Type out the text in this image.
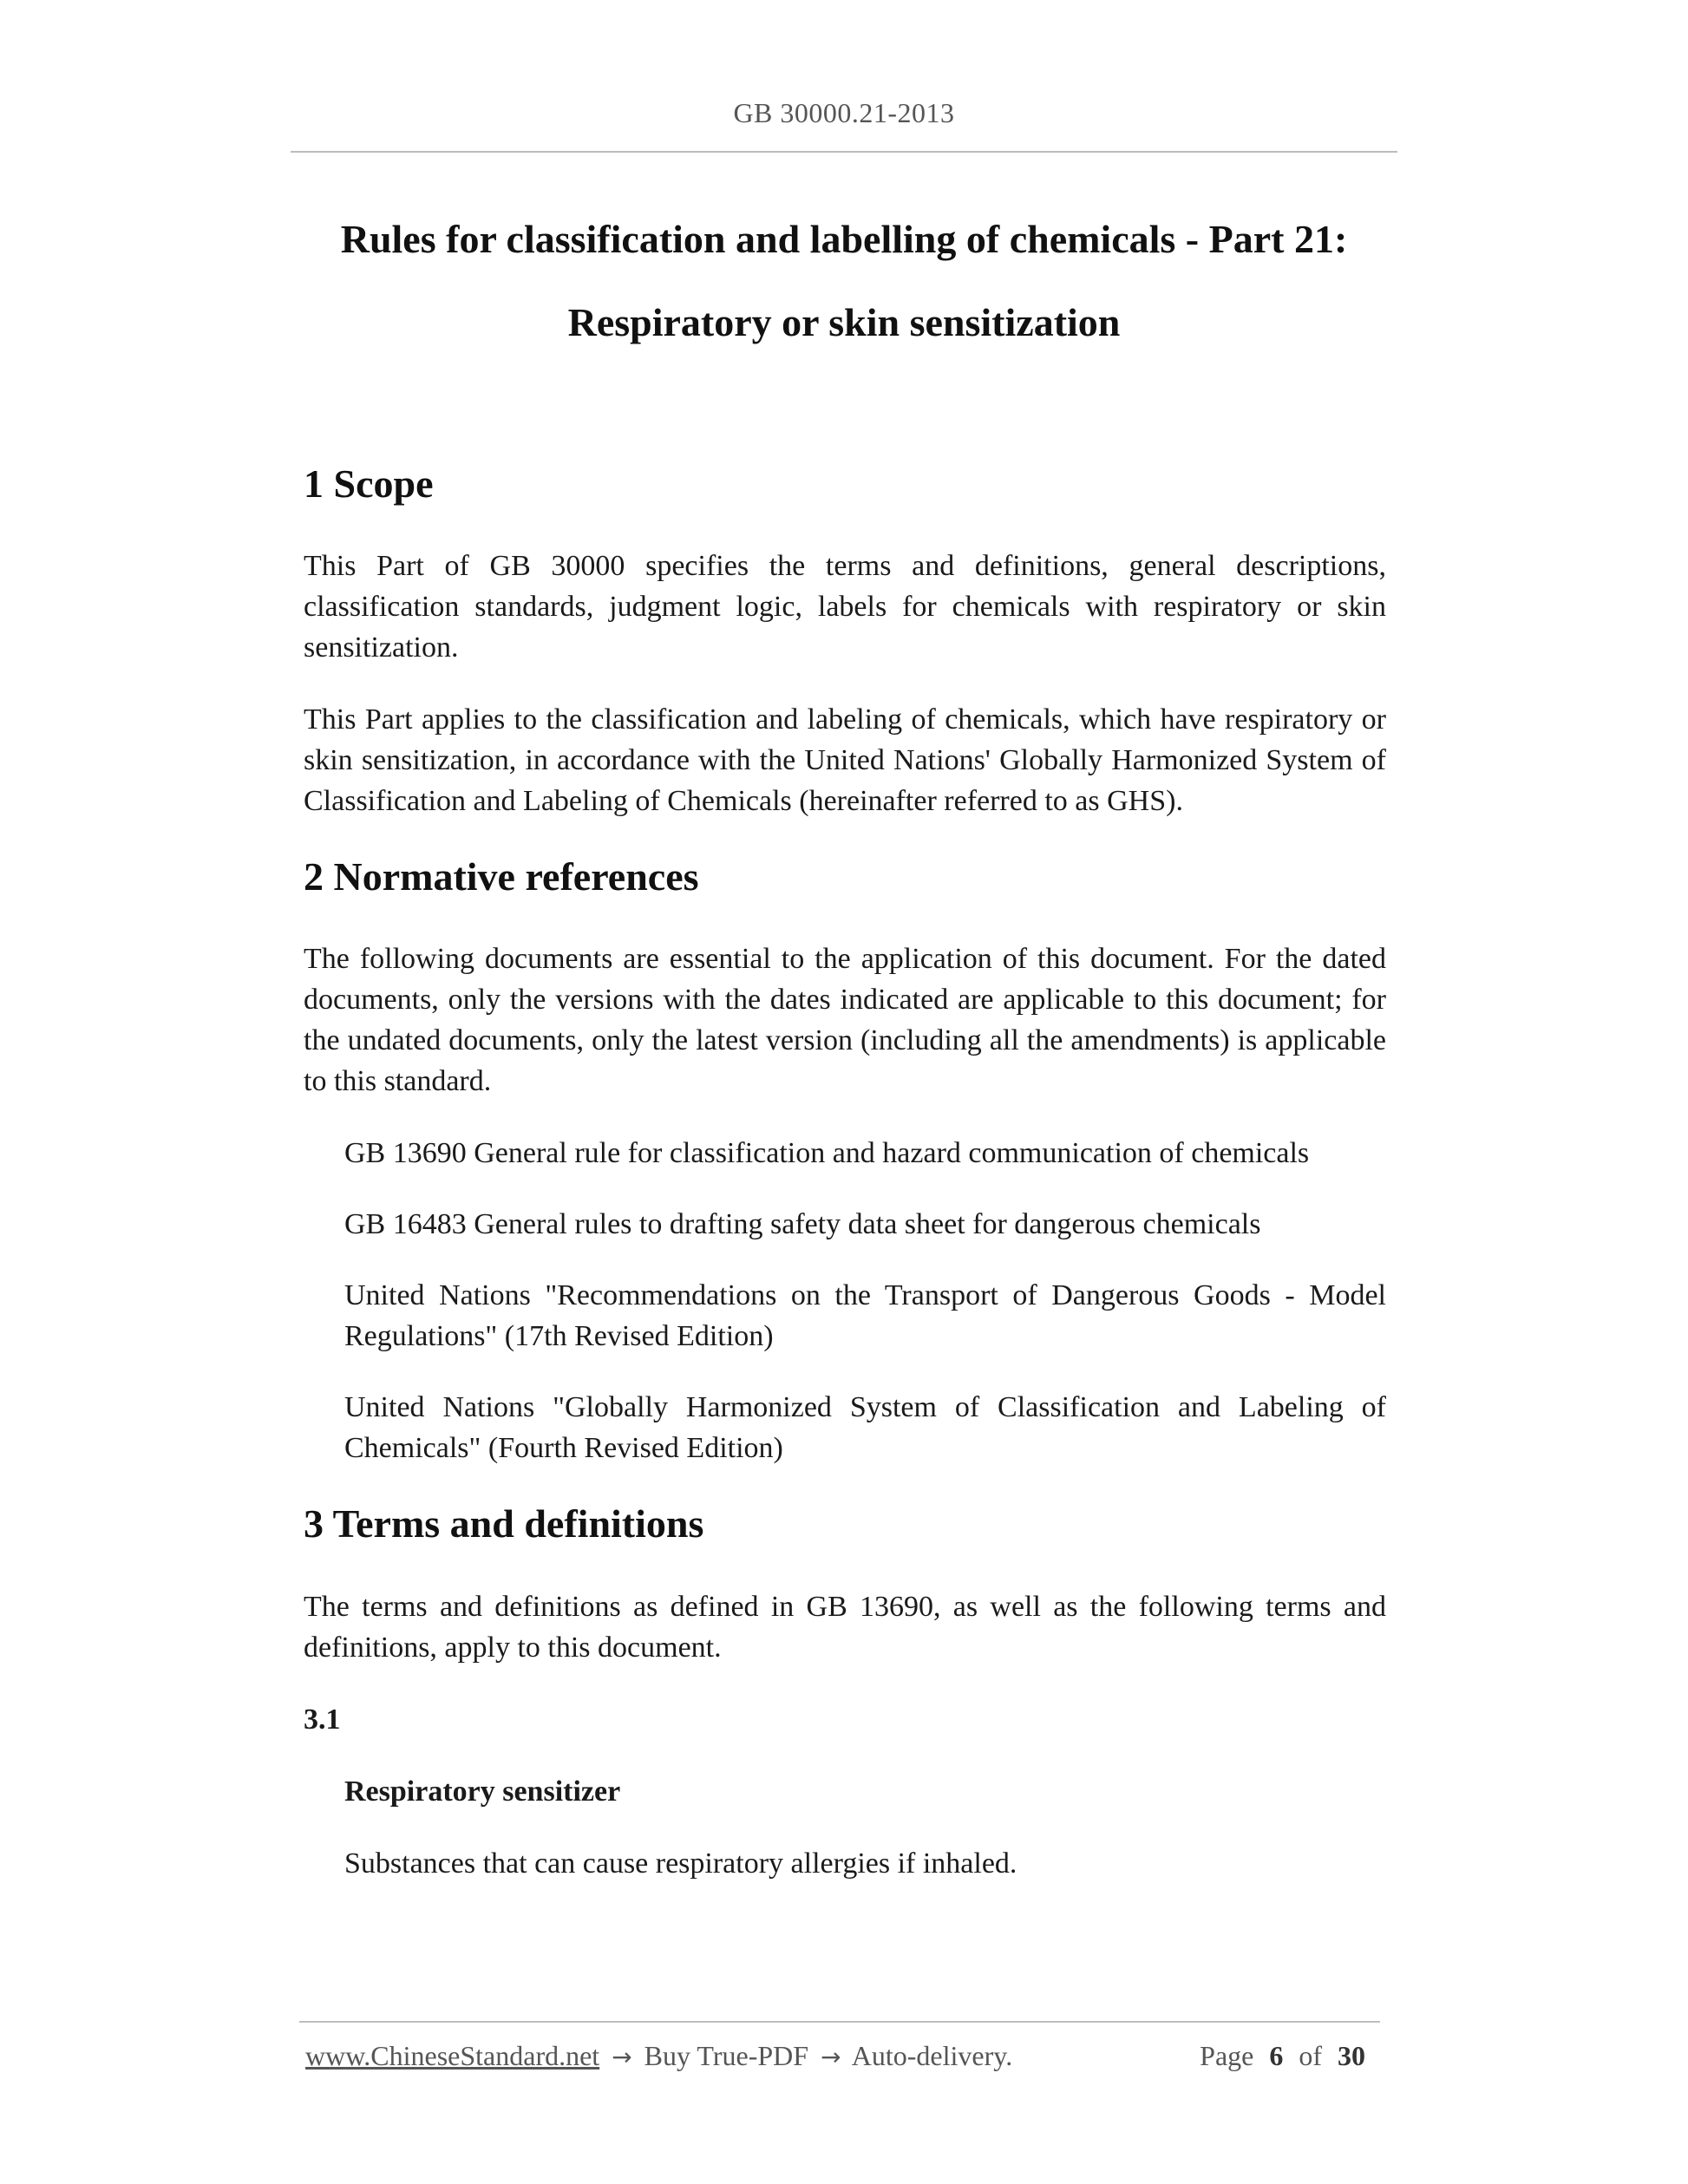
GB 30000.21-2013
Rules for classification and labelling of chemicals - Part 21:
Respiratory or skin sensitization
1 Scope

This Part of GB 30000 specifies the terms and definitions, general descriptions, classification standards, judgment logic, labels for chemicals with respiratory or skin sensitization.

This Part applies to the classification and labeling of chemicals, which have respiratory or skin sensitization, in accordance with the United Nations' Globally Harmonized System of Classification and Labeling of Chemicals (hereinafter referred to as GHS).

2 Normative references

The following documents are essential to the application of this document. For the dated documents, only the versions with the dates indicated are applicable to this document; for the undated documents, only the latest version (including all the amendments) is applicable to this standard.

GB 13690 General rule for classification and hazard communication of chemicals
GB 16483 General rules to drafting safety data sheet for dangerous chemicals
United Nations "Recommendations on the Transport of Dangerous Goods - Model Regulations" (17th Revised Edition)
United Nations "Globally Harmonized System of Classification and Labeling of Chemicals" (Fourth Revised Edition)
3 Terms and definitions

The terms and definitions as defined in GB 13690, as well as the following terms and definitions, apply to this document.

3.1
Respiratory sensitizer
Substances that can cause respiratory allergies if inhaled.
www.ChineseStandard.net → Buy True-PDF → Auto-delivery.	Page 6 of 30
